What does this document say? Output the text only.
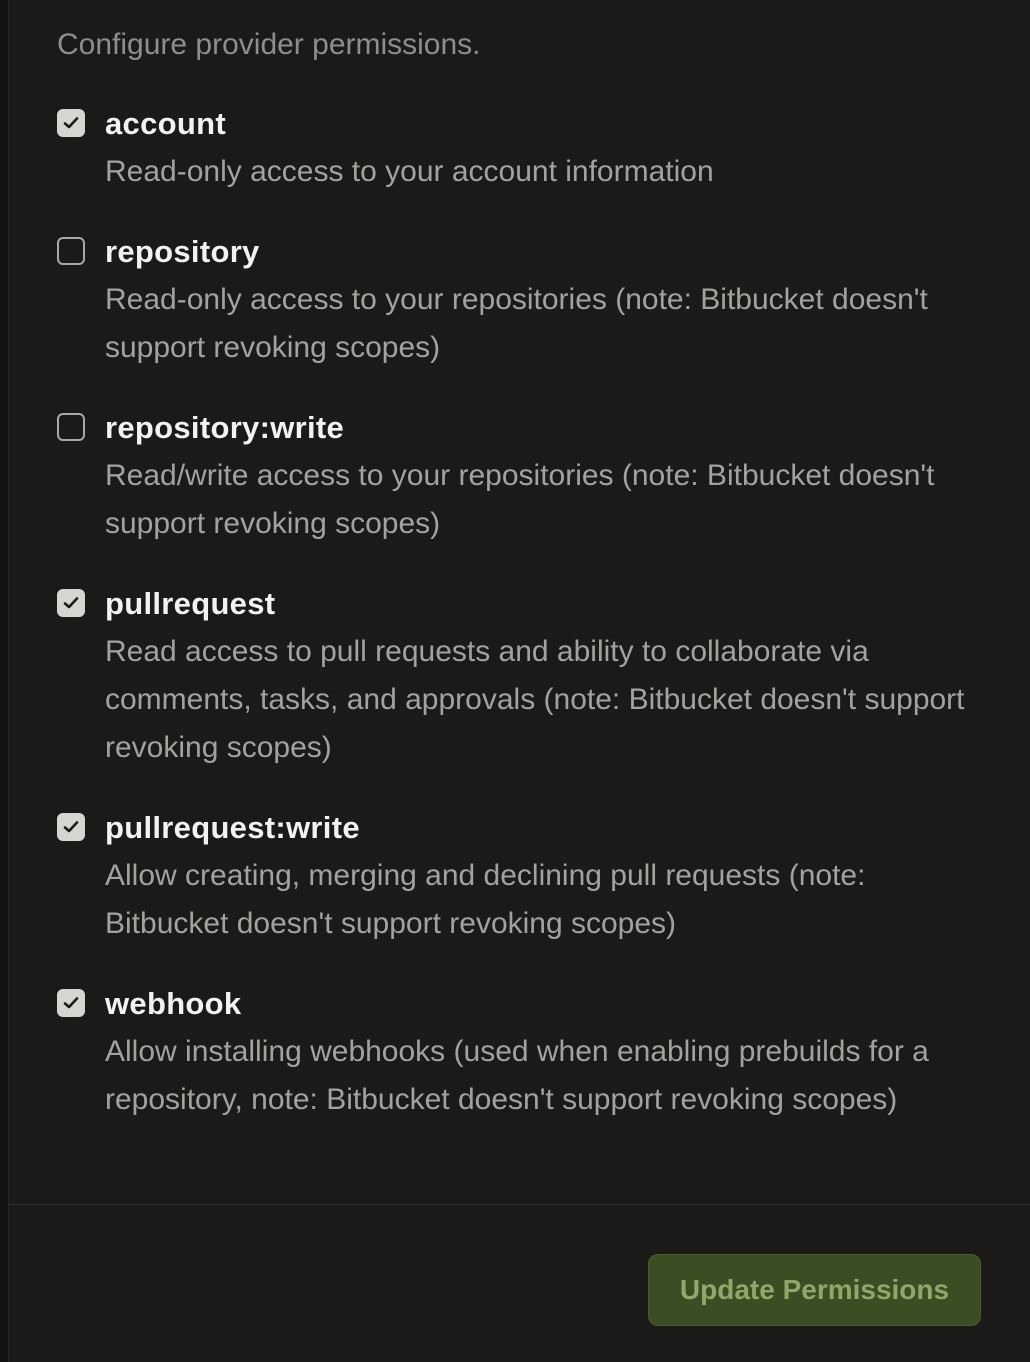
Configure provider permissions.
account
Read-only access to your account information
repository
Read-only access to your repositories (note: Bitbucket doesn't support revoking scopes)
repository:write
Read/write access to your repositories (note: Bitbucket doesn't support revoking scopes)
pullrequest
Read access to pull requests and ability to collaborate via comments, tasks, and approvals (note: Bitbucket doesn't support revoking scopes)
pullrequest:write
Allow creating, merging and declining pull requests (note: Bitbucket doesn't support revoking scopes)
webhook
Allow installing webhooks (used when enabling prebuilds for a repository, note: Bitbucket doesn't support revoking scopes)
Update Permissions
